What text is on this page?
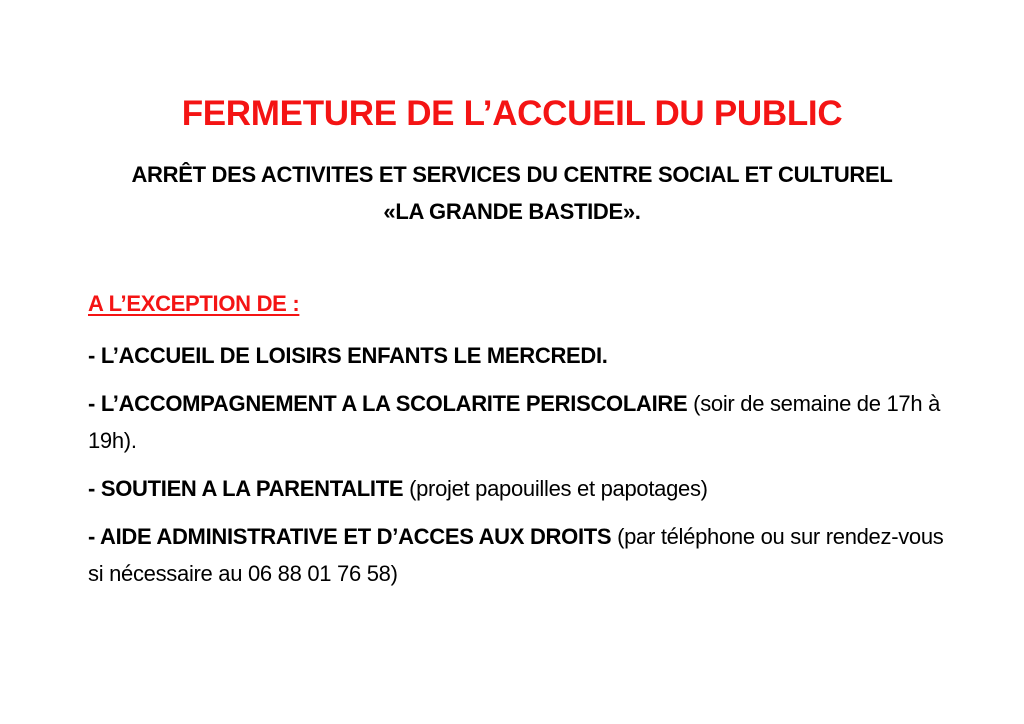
FERMETURE DE L’ACCUEIL DU PUBLIC
ARRÊT DES ACTIVITES ET SERVICES DU CENTRE SOCIAL ET CULTUREL
«LA GRANDE BASTIDE».
A L’EXCEPTION DE :
- L’ACCUEIL DE LOISIRS ENFANTS LE MERCREDI.
- L’ACCOMPAGNEMENT A LA SCOLARITE PERISCOLAIRE (soir de semaine de 17h à 19h).
- SOUTIEN A LA PARENTALITE (projet papouilles et papotages)
- AIDE ADMINISTRATIVE ET D’ACCES AUX DROITS (par téléphone ou sur rendez-vous si nécessaire au 06 88 01 76 58)
